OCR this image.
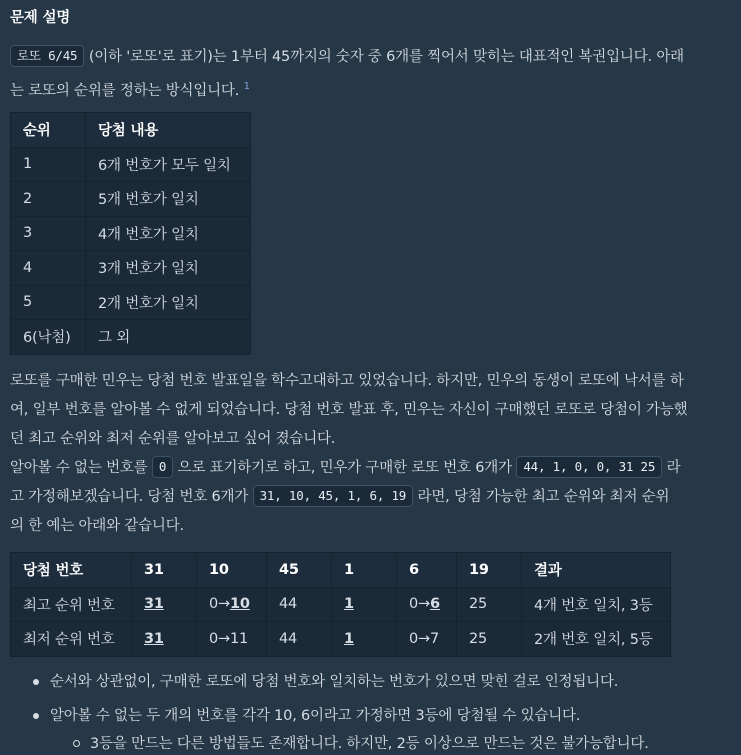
문제 설명
로또 6/45 (이하 '로또'로 표기)는 1부터 45까지의 숫자 중 6개를 찍어서 맞히는 대표적인 복권입니다. 아래
는 로또의 순위를 정하는 방식입니다. $^1$
순위	당첨 내용
1	6개 번호가 모두 일치
2	5개 번호가 일치
3	4개 번호가 일치
4	3개 번호가 일치
5	2개 번호가 일치
6(낙첨)	그 외
로또를 구매한 민우는 당첨 번호 발표일을 학수고대하고 있었습니다. 하지만, 민우의 동생이 로또에 낙서를 하
여, 일부 번호를 알아볼 수 없게 되었습니다. 당첨 번호 발표 후, 민우는 자신이 구매했던 로또로 당첨이 가능했
던 최고 순위와 최저 순위를 알아보고 싶어 졌습니다.
알아볼 수 없는 번호를 0 으로 표기하기로 하고, 민우가 구매한 로또 번호 6개가 44, 1, 0, 0, 31 25 라
고 가정해보겠습니다. 당첨 번호 6개가 31, 10, 45, 1, 6, 19 라면, 당첨 가능한 최고 순위와 최저 순위
의 한 예는 아래와 같습니다.
당첨 번호	31	10	45	1	6	19	결과
최고 순위 번호	31	0→10	44	1	0→6	25	4개 번호 일치, 3등
최저 순위 번호	31	0→11	44	1	0→7	25	2개 번호 일치, 5등
순서와 상관없이, 구매한 로또에 당첨 번호와 일치하는 번호가 있으면 맞힌 걸로 인정됩니다.
알아볼 수 없는 두 개의 번호를 각각 10, 6이라고 가정하면 3등에 당첨될 수 있습니다.
3등을 만드는 다른 방법들도 존재합니다. 하지만, 2등 이상으로 만드는 것은 불가능합니다.
